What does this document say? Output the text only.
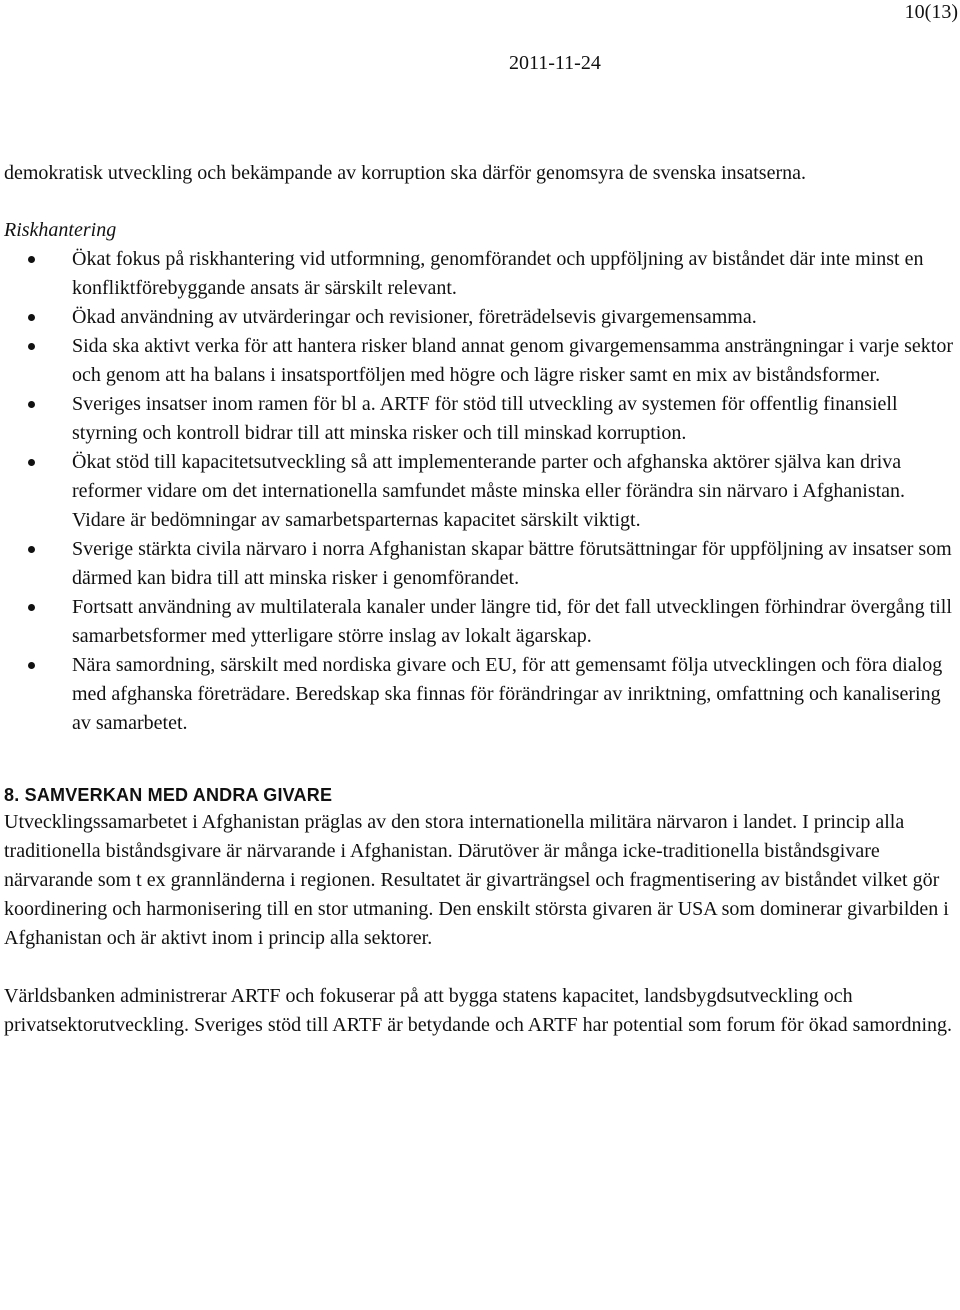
10(13)
2011-11-24

demokratisk utveckling och bekämpande av korruption ska därför genomsyra de svenska insatserna.

Riskhantering

Ökat fokus på riskhantering vid utformning, genomförandet och uppföljning av biståndet där inte minst en konfliktförebyggande ansats är särskilt relevant.
Ökad användning av utvärderingar och revisioner, företrädelsevis givargemensamma.
Sida ska aktivt verka för att hantera risker bland annat genom givargemensamma ansträngningar i varje sektor och genom att ha balans i insatsportföljen med högre och lägre risker samt en mix av biståndsformer.
Sveriges insatser inom ramen för bl a. ARTF för stöd till utveckling av systemen för offentlig finansiell styrning och kontroll bidrar till att minska risker och till minskad korruption.
Ökat stöd till kapacitetsutveckling så att implementerande parter och afghanska aktörer själva kan driva reformer vidare om det internationella samfundet måste minska eller förändra sin närvaro i Afghanistan. Vidare är bedömningar av samarbetsparternas kapacitet särskilt viktigt.
Sverige stärkta civila närvaro i norra Afghanistan skapar bättre förutsättningar för uppföljning av insatser som därmed kan bidra till att minska risker i genomförandet.
Fortsatt användning av multilaterala kanaler under längre tid, för det fall utvecklingen förhindrar övergång till samarbetsformer med ytterligare större inslag av lokalt ägarskap.
Nära samordning, särskilt med nordiska givare och EU, för att gemensamt följa utvecklingen och föra dialog med afghanska företrädare. Beredskap ska finnas för förändringar av inriktning, omfattning och kanalisering av samarbetet.
8. SAMVERKAN MED ANDRA GIVARE

Utvecklingssamarbetet i Afghanistan präglas av den stora internationella militära närvaron i landet. I princip alla traditionella biståndsgivare är närvarande i Afghanistan. Därutöver är många icke-traditionella biståndsgivare närvarande som t ex grannländerna i regionen. Resultatet är givarträngsel och fragmentisering av biståndet vilket gör koordinering och harmonisering till en stor utmaning. Den enskilt största givaren är USA som dominerar givarbilden i Afghanistan och är aktivt inom i princip alla sektorer.

Världsbanken administrerar ARTF och fokuserar på att bygga statens kapacitet, landsbygdsutveckling och privatsektorutveckling. Sveriges stöd till ARTF är betydande och ARTF har potential som forum för ökad samordning.
